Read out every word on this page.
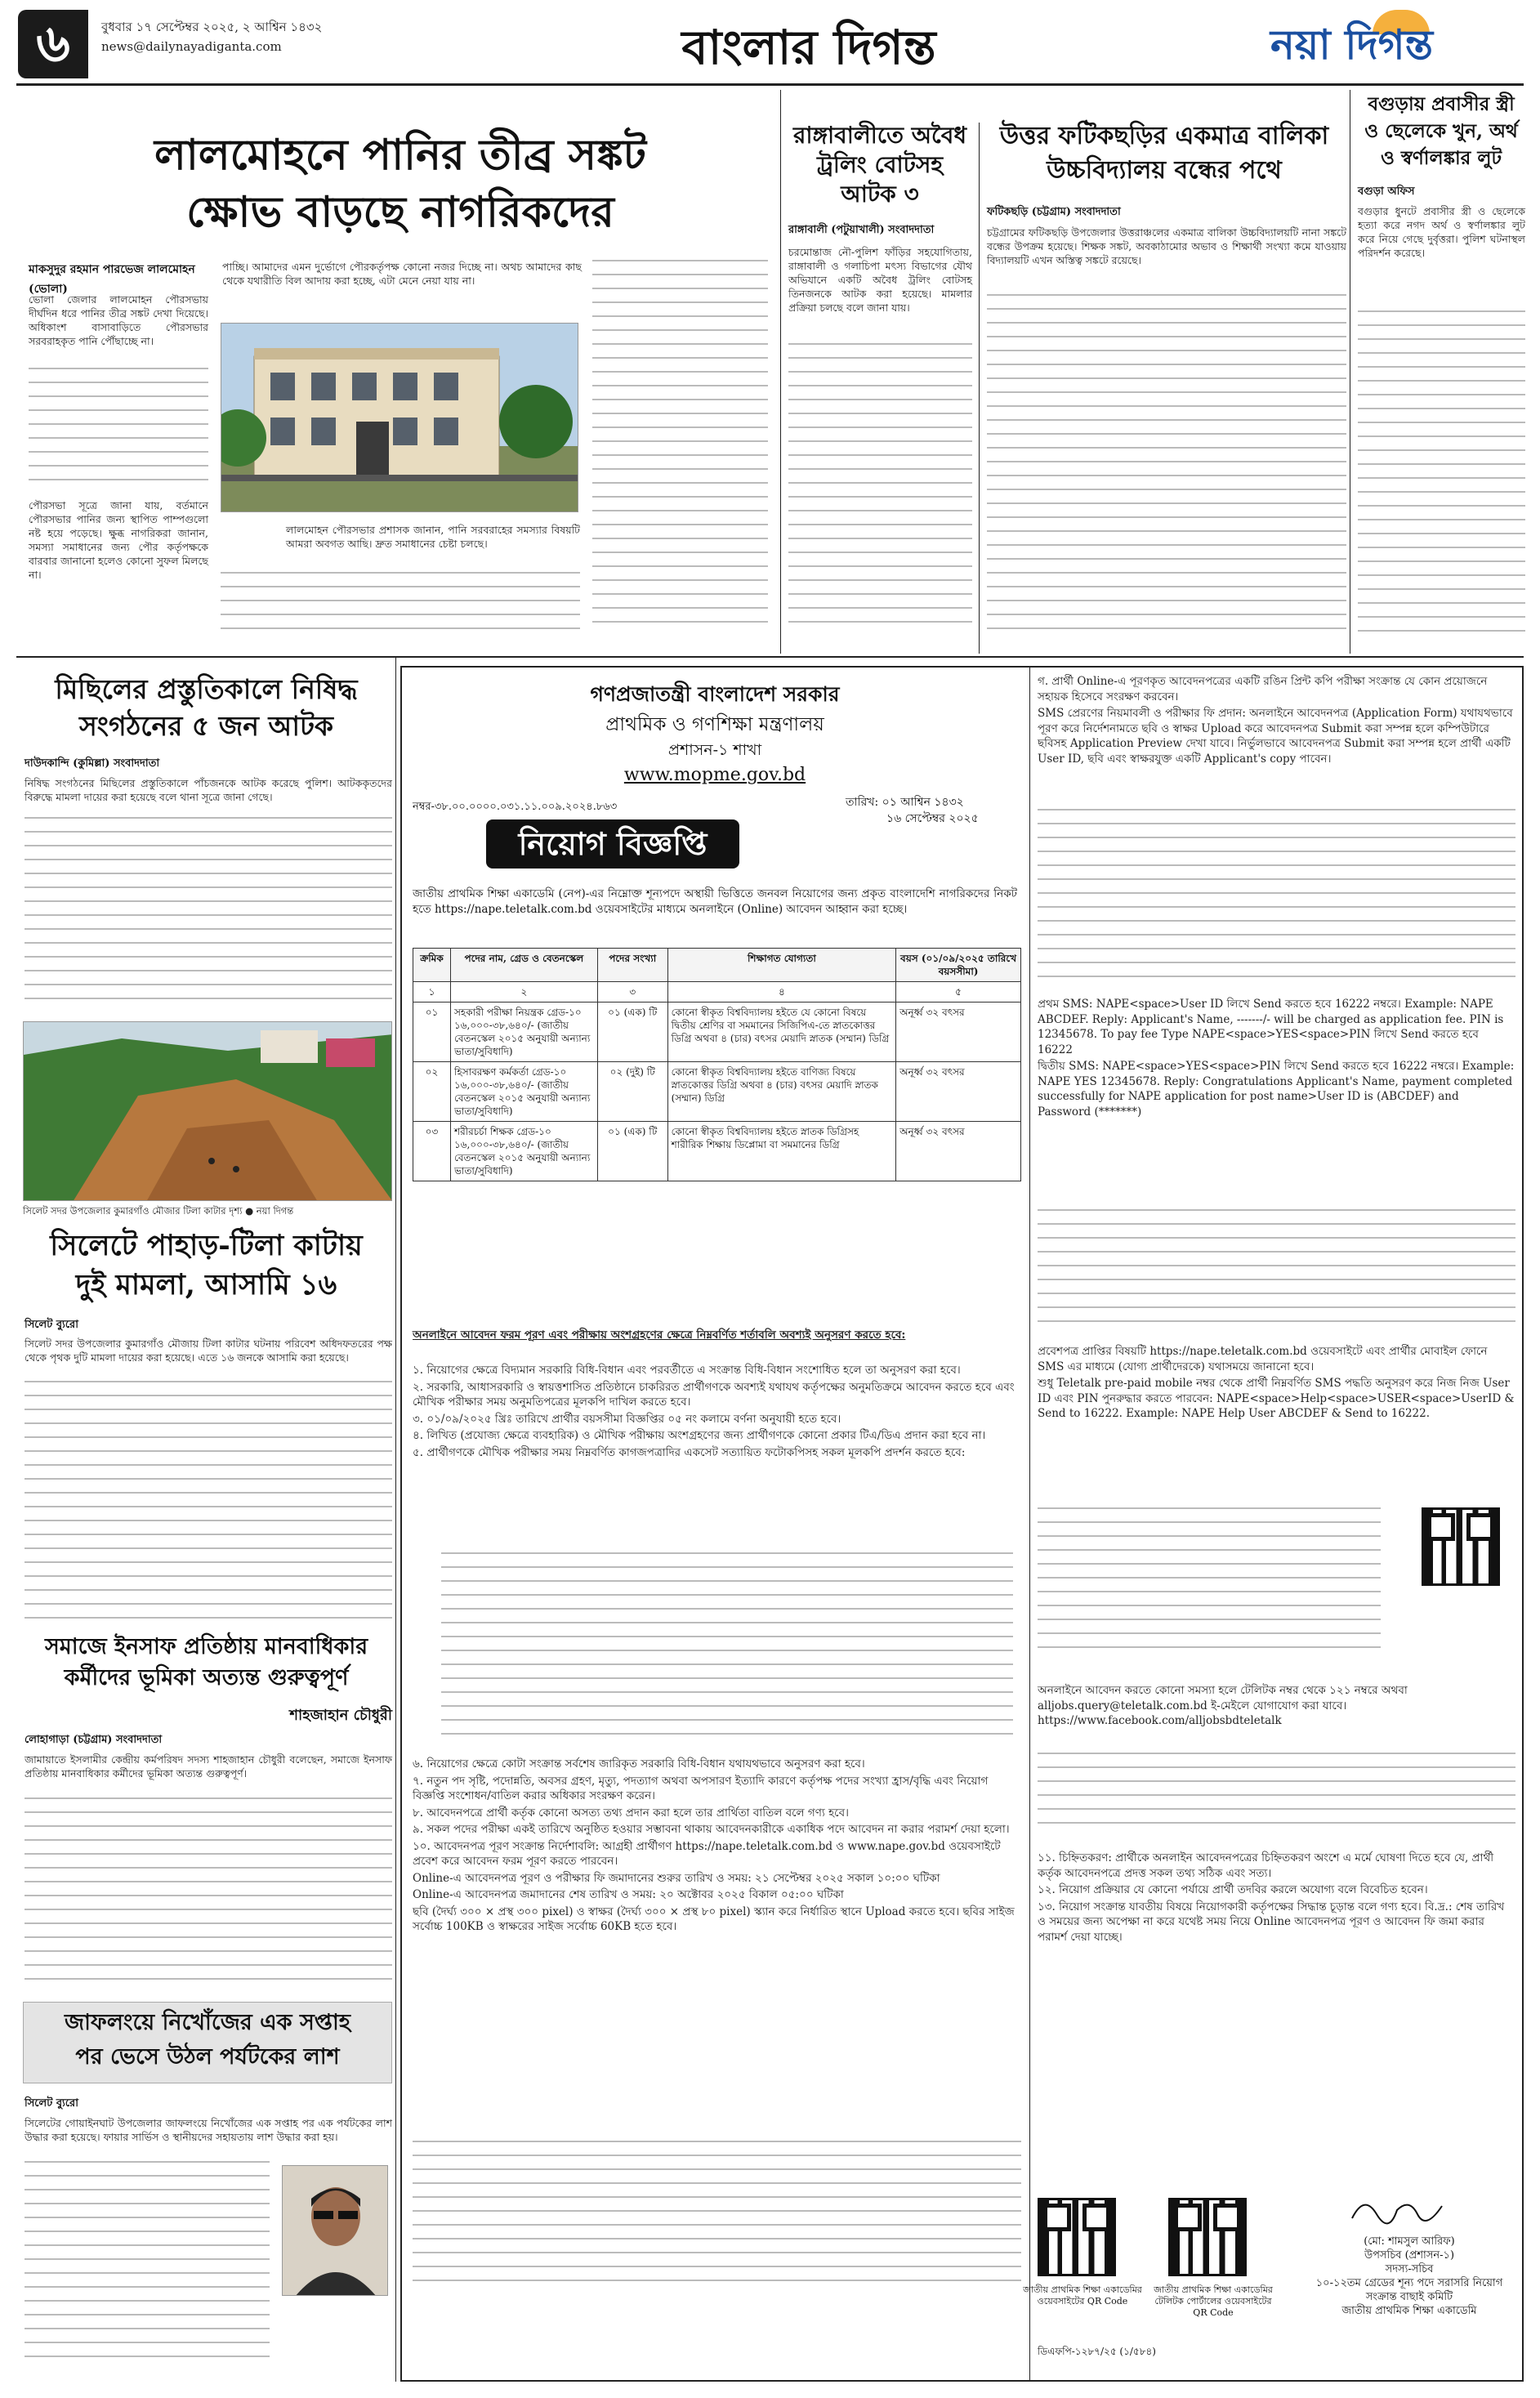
৬	বুধবার ১৭ সেপ্টেম্বর ২০২৫, ২ আশ্বিন ১৪৩২
news@dailynayadiganta.com	বাংলার দিগন্ত	নয়া দিগন্ত
লালমোহনে পানির তীব্র সঙ্কট
ক্ষোভ বাড়ছে নাগরিকদের
মাকসুদুর রহমান পারভেজ লালমোহন (ভোলা)
ভোলা জেলার লালমোহন পৌরসভায় দীর্ঘদিন ধরে পানির তীব্র সঙ্কট দেখা দিয়েছে। অধিকাংশ বাসাবাড়িতে পৌরসভার সরবরাহকৃত পানি পৌঁছাচ্ছে না।
পৌরসভা সূত্রে জানা যায়, বর্তমানে পৌরসভার পানির জন্য স্থাপিত পাম্পগুলো নষ্ট হয়ে পড়েছে। ক্ষুব্ধ নাগরিকরা জানান, সমস্যা সমাধানের জন্য পৌর কর্তৃপক্ষকে বারবার জানানো হলেও কোনো সুফল মিলছে না।
পাচ্ছি। আমাদের এমন দুর্ভোগে পৌরকর্তৃপক্ষ কোনো নজর দিচ্ছে না। অথচ আমাদের কাছ থেকে যথারীতি বিল আদায় করা হচ্ছে, এটা মেনে নেয়া যায় না।
লালমোহন পৌরসভার প্রশাসক জানান, পানি সরবরাহের সমস্যার বিষয়টি আমরা অবগত আছি। দ্রুত সমাধানের চেষ্টা চলছে।
রাঙ্গাবালীতে অবৈধ
ট্রলিং বোটসহ
আটক ৩
রাঙ্গাবালী (পটুয়াখালী) সংবাদদাতা
চরমোন্তাজ নৌ-পুলিশ ফাঁড়ির সহযোগিতায়, রাঙ্গাবালী ও গলাচিপা মৎস্য বিভাগের যৌথ অভিযানে একটি অবৈধ ট্রলিং বোটসহ তিনজনকে আটক করা হয়েছে। মামলার প্রক্রিয়া চলছে বলে জানা যায়।
উত্তর ফটিকছড়ির একমাত্র বালিকা
উচ্চবিদ্যালয় বন্ধের পথে
ফটিকছড়ি (চট্টগ্রাম) সংবাদদাতা
চট্টগ্রামের ফটিকছড়ি উপজেলার উত্তরাঞ্চলের একমাত্র বালিকা উচ্চবিদ্যালয়টি নানা সঙ্কটে বন্ধের উপক্রম হয়েছে। শিক্ষক সঙ্কট, অবকাঠামোর অভাব ও শিক্ষার্থী সংখ্যা কমে যাওয়ায় বিদ্যালয়টি এখন অস্তিত্ব সঙ্কটে রয়েছে।
বগুড়ায় প্রবাসীর স্ত্রী
ও ছেলেকে খুন, অর্থ
ও স্বর্ণালঙ্কার লুট
বগুড়া অফিস
বগুড়ার ধুনটে প্রবাসীর স্ত্রী ও ছেলেকে হত্যা করে নগদ অর্থ ও স্বর্ণালঙ্কার লুট করে নিয়ে গেছে দুর্বৃত্তরা। পুলিশ ঘটনাস্থল পরিদর্শন করেছে।
মিছিলের প্রস্তুতিকালে নিষিদ্ধ
সংগঠনের ৫ জন আটক
দাউদকান্দি (কুমিল্লা) সংবাদদাতা
নিষিদ্ধ সংগঠনের মিছিলের প্রস্তুতিকালে পাঁচজনকে আটক করেছে পুলিশ। আটককৃতদের বিরুদ্ধে মামলা দায়ের করা হয়েছে বলে থানা সূত্রে জানা গেছে।
সিলেট সদর উপজেলার কুমারগাঁও মৌজার টিলা কাটার দৃশ্য ● নয়া দিগন্ত
সিলেটে পাহাড়-টিলা কাটায়
দুই মামলা, আসামি ১৬
সিলেট ব্যুরো
সিলেট সদর উপজেলার কুমারগাঁও মৌজায় টিলা কাটার ঘটনায় পরিবেশ অধিদফতরের পক্ষ থেকে পৃথক দুটি মামলা দায়ের করা হয়েছে। এতে ১৬ জনকে আসামি করা হয়েছে।
সমাজে ইনসাফ প্রতিষ্ঠায় মানবাধিকার
কর্মীদের ভূমিকা অত্যন্ত গুরুত্বপূর্ণ
শাহজাহান চৌধুরী
লোহাগাড়া (চট্টগ্রাম) সংবাদদাতা
জামায়াতে ইসলামীর কেন্দ্রীয় কর্মপরিষদ সদস্য শাহজাহান চৌধুরী বলেছেন, সমাজে ইনসাফ প্রতিষ্ঠায় মানবাধিকার কর্মীদের ভূমিকা অত্যন্ত গুরুত্বপূর্ণ।
জাফলংয়ে নিখোঁজের এক সপ্তাহ
পর ভেসে উঠল পর্যটকের লাশ
সিলেট ব্যুরো
সিলেটের গোয়াইনঘাট উপজেলার জাফলংয়ে নিখোঁজের এক সপ্তাহ পর এক পর্যটকের লাশ উদ্ধার করা হয়েছে। ফায়ার সার্ভিস ও স্থানীয়দের সহায়তায় লাশ উদ্ধার করা হয়।
গণপ্রজাতন্ত্রী বাংলাদেশ সরকার
প্রাথমিক ও গণশিক্ষা মন্ত্রণালয়
প্রশাসন-১ শাখা
www.mopme.gov.bd
নম্বর-৩৮.০০.০০০০.০৩১.১১.০০৯.২০২৪.৮৬৩	তারিখ: ০১ আশ্বিন ১৪৩২
১৬ সেপ্টেম্বর ২০২৫
নিয়োগ বিজ্ঞপ্তি
জাতীয় প্রাথমিক শিক্ষা একাডেমি (নেপ)-এর নিম্নোক্ত শূন্যপদে অস্থায়ী ভিত্তিতে জনবল নিয়োগের জন্য প্রকৃত বাংলাদেশি নাগরিকদের নিকট হতে https://nape.teletalk.com.bd ওয়েবসাইটের মাধ্যমে অনলাইনে (Online) আবেদন আহ্বান করা হচ্ছে।
ক্রমিক	পদের নাম, গ্রেড ও বেতনস্কেল	পদের সংখ্যা	শিক্ষাগত যোগ্যতা	বয়স (০১/০৯/২০২৫ তারিখে বয়সসীমা)
১	২	৩	৪	৫
০১	সহকারী পরীক্ষা নিয়ন্ত্রক গ্রেড-১০ ১৬,০০০-৩৮,৬৪০/- (জাতীয় বেতনস্কেল ২০১৫ অনুযায়ী অন্যান্য ভাতা/সুবিধাদি)	০১ (এক) টি	কোনো স্বীকৃত বিশ্ববিদ্যালয় হইতে যে কোনো বিষয়ে দ্বিতীয় শ্রেণির বা সমমানের সিজিপিএ-তে স্নাতকোত্তর ডিগ্রি অথবা ৪ (চার) বৎসর মেয়াদি স্নাতক (সম্মান) ডিগ্রি	অনূর্ধ্ব ৩২ বৎসর
০২	হিসাবরক্ষণ কর্মকর্তা গ্রেড-১০ ১৬,০০০-৩৮,৬৪০/- (জাতীয় বেতনস্কেল ২০১৫ অনুযায়ী অন্যান্য ভাতা/সুবিধাদি)	০২ (দুই) টি	কোনো স্বীকৃত বিশ্ববিদ্যালয় হইতে বাণিজ্য বিষয়ে স্নাতকোত্তর ডিগ্রি অথবা ৪ (চার) বৎসর মেয়াদি স্নাতক (সম্মান) ডিগ্রি	অনূর্ধ্ব ৩২ বৎসর
০৩	শরীরচর্চা শিক্ষক গ্রেড-১০ ১৬,০০০-৩৮,৬৪০/- (জাতীয় বেতনস্কেল ২০১৫ অনুযায়ী অন্যান্য ভাতা/সুবিধাদি)	০১ (এক) টি	কোনো স্বীকৃত বিশ্ববিদ্যালয় হইতে স্নাতক ডিগ্রিসহ শারীরিক শিক্ষায় ডিপ্লোমা বা সমমানের ডিগ্রি	অনূর্ধ্ব ৩২ বৎসর
অনলাইনে আবেদন ফরম পূরণ এবং পরীক্ষায় অংশগ্রহণের ক্ষেত্রে নিম্নবর্ণিত শর্তাবলি অবশ্যই অনুসরণ করতে হবে:

১. নিয়োগের ক্ষেত্রে বিদ্যমান সরকারি বিধি-বিধান এবং পরবর্তীতে এ সংক্রান্ত বিধি-বিধান সংশোধিত হলে তা অনুসরণ করা হবে।

২. সরকারি, আধাসরকারি ও স্বায়ত্তশাসিত প্রতিষ্ঠানে চাকরিরত প্রার্থীগণকে অবশ্যই যথাযথ কর্তৃপক্ষের অনুমতিক্রমে আবেদন করতে হবে এবং মৌখিক পরীক্ষার সময় অনুমতিপত্রের মূলকপি দাখিল করতে হবে।

৩. ০১/০৯/২০২৫ খ্রিঃ তারিখে প্রার্থীর বয়সসীমা বিজ্ঞপ্তির ০৫ নং কলামে বর্ণনা অনুযায়ী হতে হবে।

৪. লিখিত (প্রযোজ্য ক্ষেত্রে ব্যবহারিক) ও মৌখিক পরীক্ষায় অংশগ্রহণের জন্য প্রার্থীগণকে কোনো প্রকার টিএ/ডিএ প্রদান করা হবে না।

৫. প্রার্থীগণকে মৌখিক পরীক্ষার সময় নিম্নবর্ণিত কাগজপত্রাদির একসেট সত্যায়িত ফটোকপিসহ সকল মূলকপি প্রদর্শন করতে হবে:

৬. নিয়োগের ক্ষেত্রে কোটা সংক্রান্ত সর্বশেষ জারিকৃত সরকারি বিধি-বিধান যথাযথভাবে অনুসরণ করা হবে।

৭. নতুন পদ সৃষ্টি, পদোন্নতি, অবসর গ্রহণ, মৃত্যু, পদত্যাগ অথবা অপসারণ ইত্যাদি কারণে কর্তৃপক্ষ পদের সংখ্যা হ্রাস/বৃদ্ধি এবং নিয়োগ বিজ্ঞপ্তি সংশোধন/বাতিল করার অধিকার সংরক্ষণ করেন।

৮. আবেদনপত্রে প্রার্থী কর্তৃক কোনো অসত্য তথ্য প্রদান করা হলে তার প্রার্থিতা বাতিল বলে গণ্য হবে।

৯. সকল পদের পরীক্ষা একই তারিখে অনুষ্ঠিত হওয়ার সম্ভাবনা থাকায় আবেদনকারীকে একাধিক পদে আবেদন না করার পরামর্শ দেয়া হলো।

১০. আবেদনপত্র পূরণ সংক্রান্ত নির্দেশাবলি: আগ্রহী প্রার্থীগণ https://nape.teletalk.com.bd ও www.nape.gov.bd ওয়েবসাইটে প্রবেশ করে আবেদন ফরম পূরণ করতে পারবেন।

Online-এ আবেদনপত্র পূরণ ও পরীক্ষার ফি জমাদানের শুরুর তারিখ ও সময়: ২১ সেপ্টেম্বর ২০২৫ সকাল ১০:০০ ঘটিকা

Online-এ আবেদনপত্র জমাদানের শেষ তারিখ ও সময়: ২০ অক্টোবর ২০২৫ বিকাল ০৫:০০ ঘটিকা

ছবি (দৈর্ঘ্য ৩০০ × প্রস্থ ৩০০ pixel) ও স্বাক্ষর (দৈর্ঘ্য ৩০০ × প্রস্থ ৮০ pixel) স্ক্যান করে নির্ধারিত স্থানে Upload করতে হবে। ছবির সাইজ সর্বোচ্চ 100KB ও স্বাক্ষরের সাইজ সর্বোচ্চ 60KB হতে হবে।

গ. প্রার্থী Online-এ পূরণকৃত আবেদনপত্রের একটি রঙিন প্রিন্ট কপি পরীক্ষা সংক্রান্ত যে কোন প্রয়োজনে সহায়ক হিসেবে সংরক্ষণ করবেন।

SMS প্রেরণের নিয়মাবলী ও পরীক্ষার ফি প্রদান: অনলাইনে আবেদনপত্র (Application Form) যথাযথভাবে পূরণ করে নির্দেশনামতে ছবি ও স্বাক্ষর Upload করে আবেদনপত্র Submit করা সম্পন্ন হলে কম্পিউটারে ছবিসহ Application Preview দেখা যাবে। নির্ভুলভাবে আবেদনপত্র Submit করা সম্পন্ন হলে প্রার্থী একটি User ID, ছবি এবং স্বাক্ষরযুক্ত একটি Applicant's copy পাবেন।

প্রথম SMS: NAPE<space>User ID লিখে Send করতে হবে 16222 নম্বরে। Example: NAPE ABCDEF. Reply: Applicant's Name, -------/- will be charged as application fee. PIN is 12345678. To pay fee Type NAPE<space>YES<space>PIN লিখে Send করতে হবে 16222

দ্বিতীয় SMS: NAPE<space>YES<space>PIN লিখে Send করতে হবে 16222 নম্বরে। Example: NAPE YES 12345678. Reply: Congratulations Applicant's Name, payment completed successfully for NAPE application for post name>User ID is (ABCDEF) and Password (*******)

প্রবেশপত্র প্রাপ্তির বিষয়টি https://nape.teletalk.com.bd ওয়েবসাইটে এবং প্রার্থীর মোবাইল ফোনে SMS এর মাধ্যমে (যোগ্য প্রার্থীদেরকে) যথাসময়ে জানানো হবে।

শুধু Teletalk pre-paid mobile নম্বর থেকে প্রার্থী নিম্নবর্ণিত SMS পদ্ধতি অনুসরণ করে নিজ নিজ User ID এবং PIN পুনরুদ্ধার করতে পারবেন: NAPE<space>Help<space>USER<space>UserID & Send to 16222. Example: NAPE Help User ABCDEF & Send to 16222.

অনলাইনে আবেদন করতে কোনো সমস্যা হলে টেলিটক নম্বর থেকে ১২১ নম্বরে অথবা alljobs.query@teletalk.com.bd ই-মেইলে যোগাযোগ করা যাবে। https://www.facebook.com/alljobsbdteletalk

১১. চিহ্নিতকরণ: প্রার্থীকে অনলাইন আবেদনপত্রের চিহ্নিতকরণ অংশে এ মর্মে ঘোষণা দিতে হবে যে, প্রার্থী কর্তৃক আবেদনপত্রে প্রদত্ত সকল তথ্য সঠিক এবং সত্য।

১২. নিয়োগ প্রক্রিয়ার যে কোনো পর্যায়ে প্রার্থী তদবির করলে অযোগ্য বলে বিবেচিত হবেন।

১৩. নিয়োগ সংক্রান্ত যাবতীয় বিষয়ে নিয়োগকারী কর্তৃপক্ষের সিদ্ধান্ত চূড়ান্ত বলে গণ্য হবে। বি.দ্র.: শেষ তারিখ ও সময়ের জন্য অপেক্ষা না করে যথেষ্ট সময় নিয়ে Online আবেদনপত্র পূরণ ও আবেদন ফি জমা করার পরামর্শ দেয়া যাচ্ছে।

জাতীয় প্রাথমিক শিক্ষা একাডেমির ওয়েবসাইটের QR Code
জাতীয় প্রাথমিক শিক্ষা একাডেমির টেলিটক পোর্টালের ওয়েবসাইটের QR Code
(মো: শামসুল আরিফ)
উপসচিব (প্রশাসন-১)
সদস্য-সচিব
১০-১২তম গ্রেডের শূন্য পদে সরাসরি নিয়োগ সংক্রান্ত বাছাই কমিটি
জাতীয় প্রাথমিক শিক্ষা একাডেমি
ডিএফপি-১২৮৭/২৫ (১/৫৮৪)
